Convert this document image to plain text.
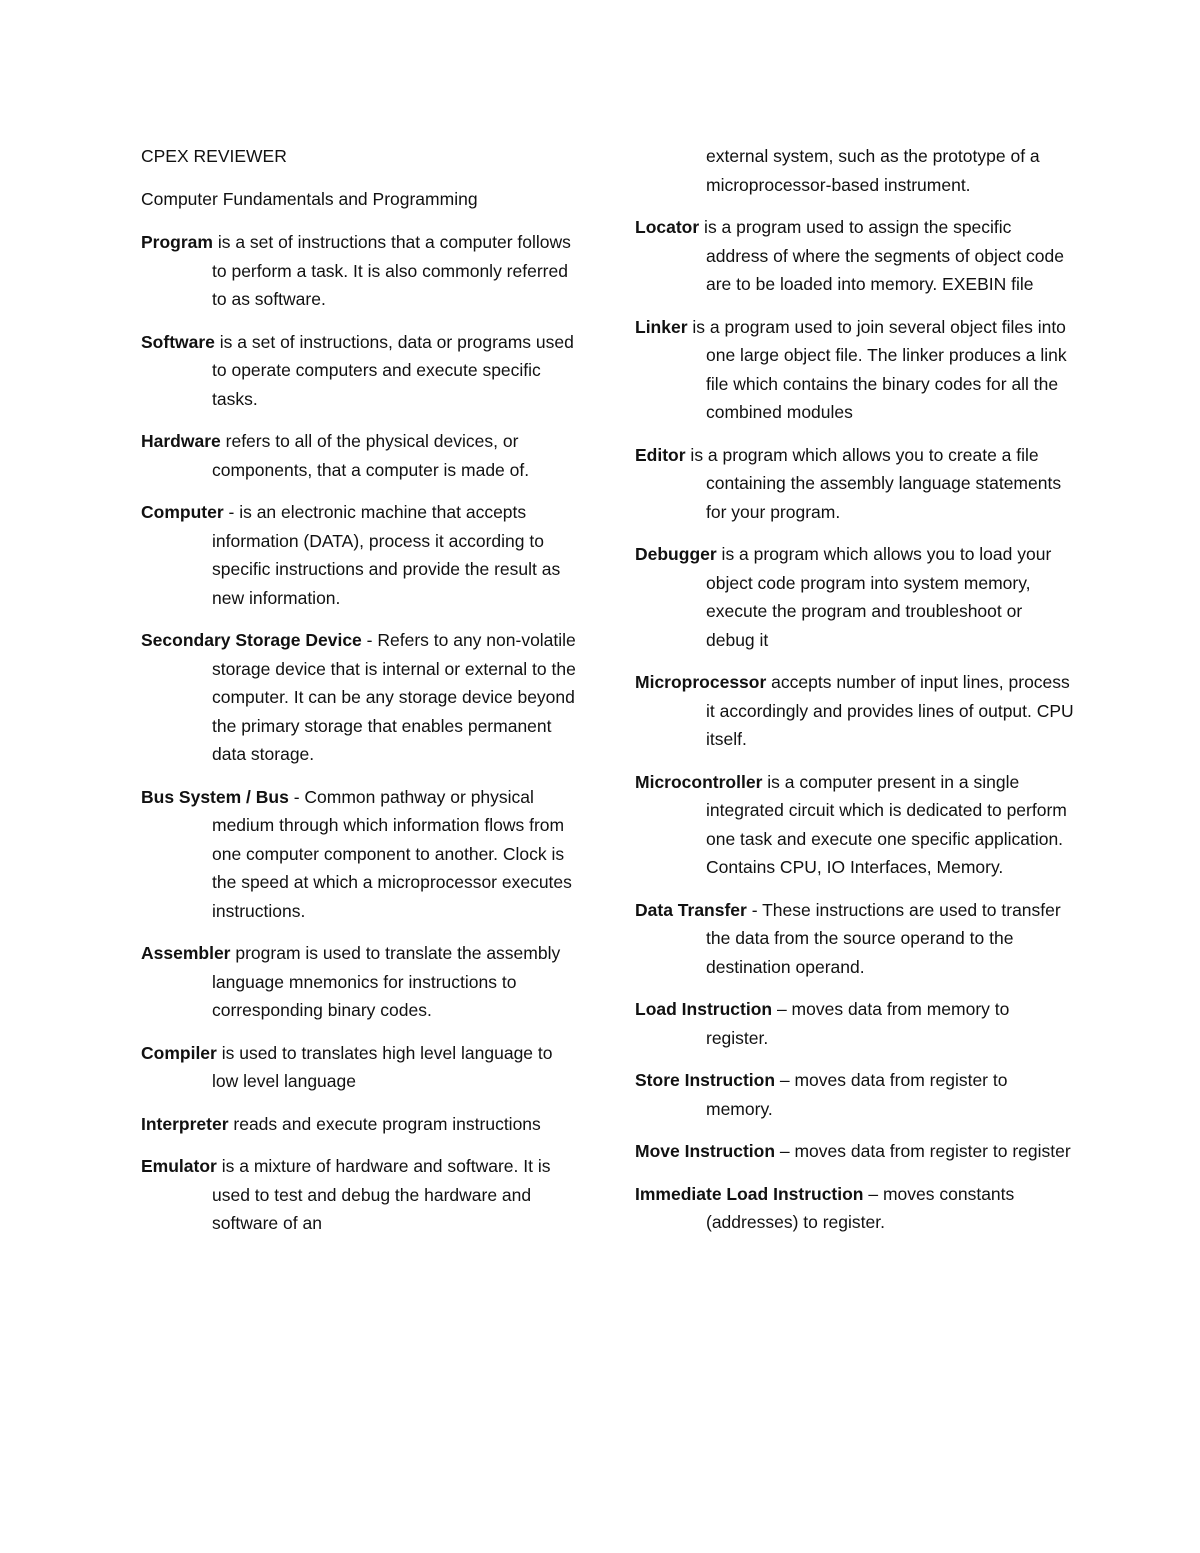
CPEX REVIEWER

Computer Fundamentals and Programming

Program is a set of instructions that a computer follows to perform a task. It is also commonly referred to as software.

Software is a set of instructions, data or programs used to operate computers and execute specific tasks.

Hardware refers to all of the physical devices, or components, that a computer is made of.

Computer - is an electronic machine that accepts information (DATA), process it according to specific instructions and provide the result as new information.

Secondary Storage Device - Refers to any non-volatile storage device that is internal or external to the computer. It can be any storage device beyond the primary storage that enables permanent data storage.

Bus System / Bus - Common pathway or physical medium through which information flows from one computer component to another. Clock is the speed at which a microprocessor executes instructions.

Assembler program is used to translate the assembly language mnemonics for instructions to corresponding binary codes.

Compiler is used to translates high level language to low level language

Interpreter reads and execute program instructions

Emulator is a mixture of hardware and software. It is used to test and debug the hardware and software of an

external system, such as the prototype of a microprocessor-based instrument.

Locator is a program used to assign the specific address of where the segments of object code are to be loaded into memory. EXEBIN file

Linker is a program used to join several object files into one large object file. The linker produces a link file which contains the binary codes for all the combined modules

Editor is a program which allows you to create a file containing the assembly language statements for your program.

Debugger is a program which allows you to load your object code program into system memory, execute the program and troubleshoot or debug it

Microprocessor accepts number of input lines, process it accordingly and provides lines of output. CPU itself.

Microcontroller is a computer present in a single integrated circuit which is dedicated to perform one task and execute one specific application. Contains CPU, IO Interfaces, Memory.

Data Transfer - These instructions are used to transfer the data from the source operand to the destination operand.

Load Instruction – moves data from memory to register.

Store Instruction – moves data from register to memory.

Move Instruction – moves data from register to register

Immediate Load Instruction – moves constants (addresses) to register.
